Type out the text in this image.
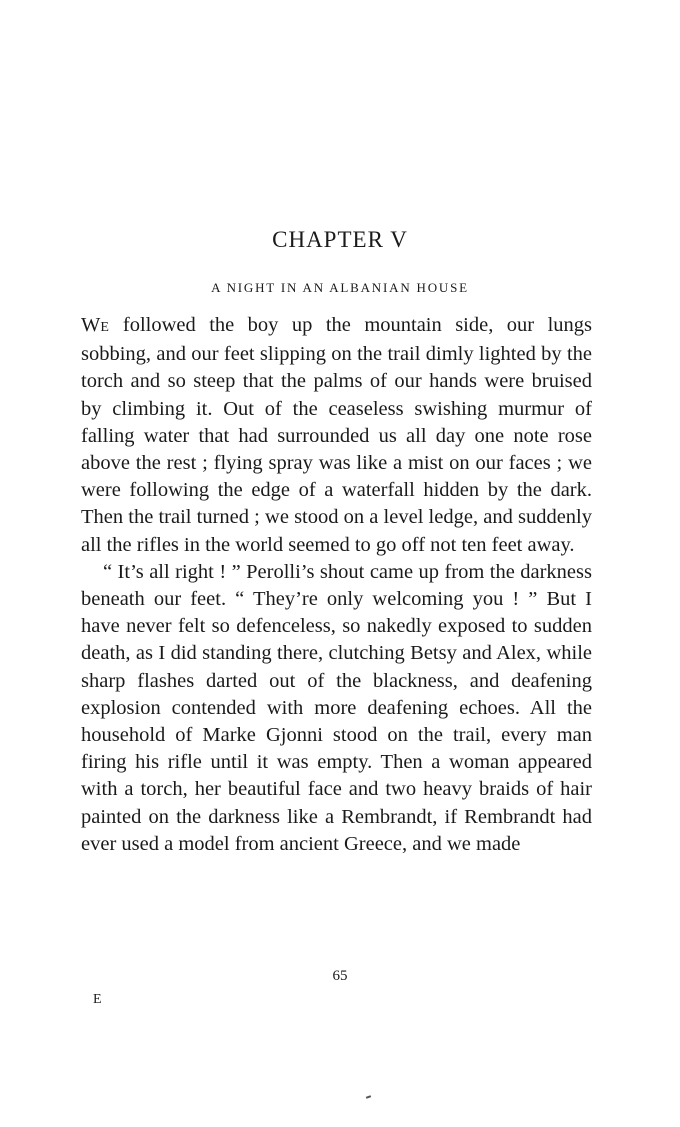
CHAPTER V
A NIGHT IN AN ALBANIAN HOUSE

WE followed the boy up the mountain side, our lungs sobbing, and our feet slipping on the trail dimly lighted by the torch and so steep that the palms of our hands were bruised by climbing it. Out of the ceaseless swishing murmur of falling water that had surrounded us all day one note rose above the rest ; flying spray was like a mist on our faces ; we were following the edge of a waterfall hidden by the dark. Then the trail turned ; we stood on a level ledge, and suddenly all the rifles in the world seemed to go off not ten feet away.

“ It’s all right ! ” Perolli’s shout came up from the darkness beneath our feet. “ They’re only welcoming you ! ” But I have never felt so defenceless, so nakedly exposed to sudden death, as I did standing there, clutching Betsy and Alex, while sharp flashes darted out of the blackness, and deafening explosion contended with more deafening echoes. All the household of Marke Gjonni stood on the trail, every man firing his rifle until it was empty. Then a woman appeared with a torch, her beautiful face and two heavy braids of hair painted on the darkness like a Rembrandt, if Rembrandt had ever used a model from ancient Greece, and we made

65
E
